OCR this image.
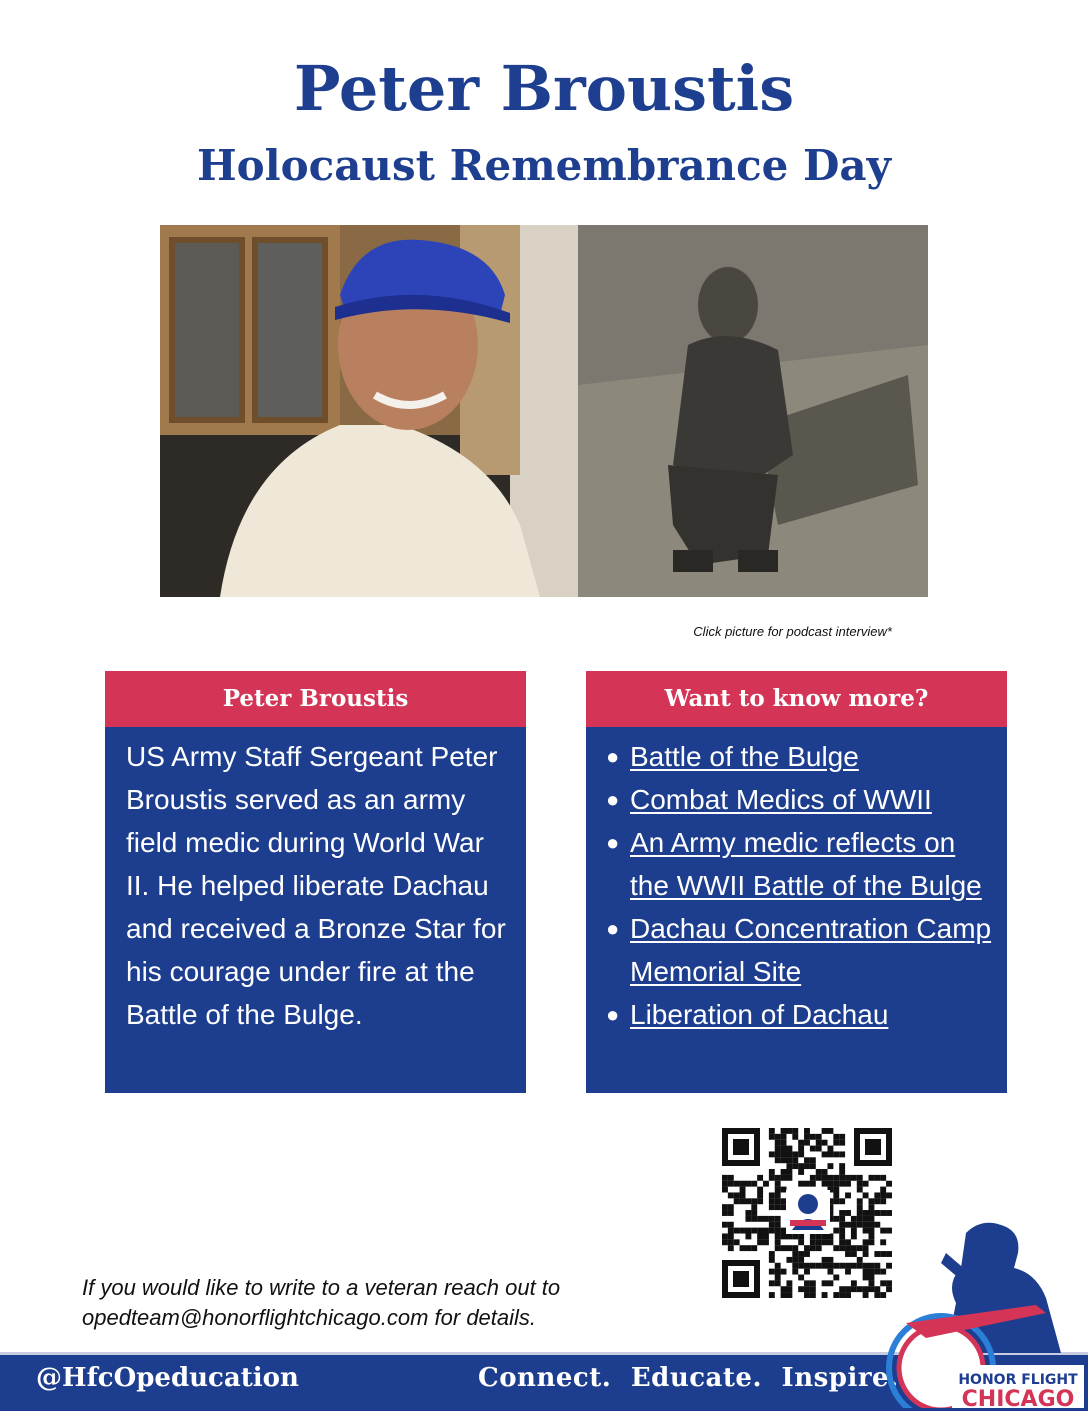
Peter Broustis
Holocaust Remembrance Day
Click picture for podcast interview*
Peter Broustis
US Army Staff Sergeant Peter Broustis served as an army field medic during World War II. He helped liberate Dachau and received a Bronze Star for his courage under fire at the Battle of the Bulge.
Want to know more?
● Battle of the Bulge
● Combat Medics of WWII
● An Army medic reflects on the WWII Battle of the Bulge
● Dachau Concentration Camp Memorial Site
● Liberation of Dachau
If you would like to write to a veteran reach out to opedteam@honorflightchicago.com for details.
@HfcOpeducation	Connect. Educate. Inspire.	HONOR FLIGHT
CHICAGO
